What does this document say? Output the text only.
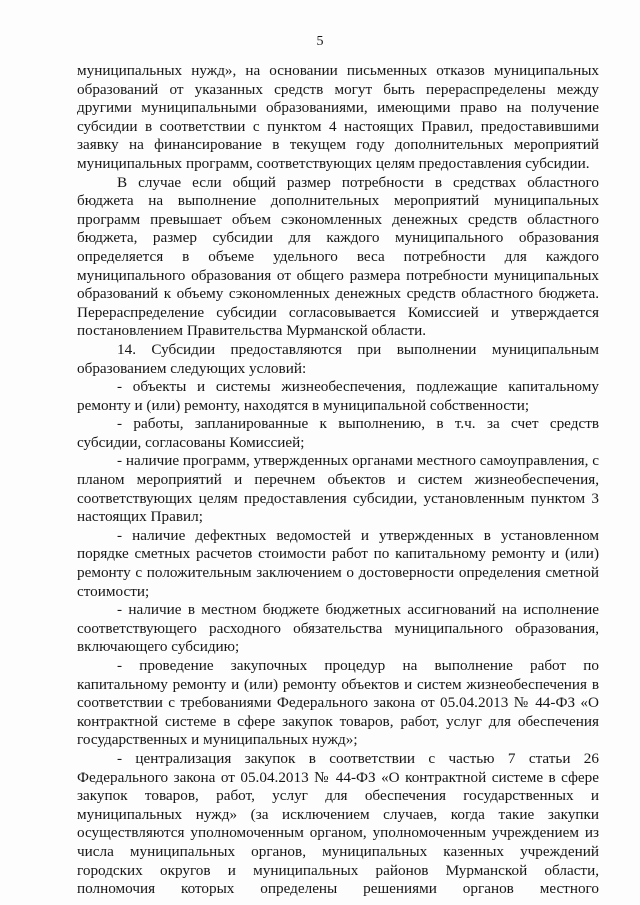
5

муниципальных нужд», на основании письменных отказов муниципальных образований от указанных средств могут быть перераспределены между другими муниципальными образованиями, имеющими право на получение субсидии в соответствии с пунктом 4 настоящих Правил, предоставившими заявку на финансирование в текущем году дополнительных мероприятий муниципальных программ, соответствующих целям предоставления субсидии.

В случае если общий размер потребности в средствах областного бюджета на выполнение дополнительных мероприятий муниципальных программ превышает объем сэкономленных денежных средств областного бюджета, размер субсидии для каждого муниципального образования определяется в объеме удельного веса потребности для каждого муниципального образования от общего размера потребности муниципальных образований к объему сэкономленных денежных средств областного бюджета. Перераспределение субсидии согласовывается Комиссией и утверждается постановлением Правительства Мурманской области.

14. Субсидии предоставляются при выполнении муниципальным образованием следующих условий:

- объекты и системы жизнеобеспечения, подлежащие капитальному ремонту и (или) ремонту, находятся в муниципальной собственности;

- работы, запланированные к выполнению, в т.ч. за счет средств субсидии, согласованы Комиссией;

- наличие программ, утвержденных органами местного самоуправления, с планом мероприятий и перечнем объектов и систем жизнеобеспечения, соответствующих целям предоставления субсидии, установленным пунктом 3 настоящих Правил;

- наличие дефектных ведомостей и утвержденных в установленном порядке сметных расчетов стоимости работ по капитальному ремонту и (или) ремонту с положительным заключением о достоверности определения сметной стоимости;

- наличие в местном бюджете бюджетных ассигнований на исполнение соответствующего расходного обязательства муниципального образования, включающего субсидию;

- проведение закупочных процедур на выполнение работ по капитальному ремонту и (или) ремонту объектов и систем жизнеобеспечения в соответствии с требованиями Федерального закона от 05.04.2013 № 44-ФЗ «О контрактной системе в сфере закупок товаров, работ, услуг для обеспечения государственных и муниципальных нужд»;

- централизация закупок в соответствии с частью 7 статьи 26 Федерального закона от 05.04.2013 № 44-ФЗ «О контрактной системе в сфере закупок товаров, работ, услуг для обеспечения государственных и муниципальных нужд» (за исключением случаев, когда такие закупки осуществляются уполномоченным органом, уполномоченным учреждением из числа муниципальных органов, муниципальных казенных учреждений городских округов и муниципальных районов Мурманской области, полномочия которых определены решениями органов местного
